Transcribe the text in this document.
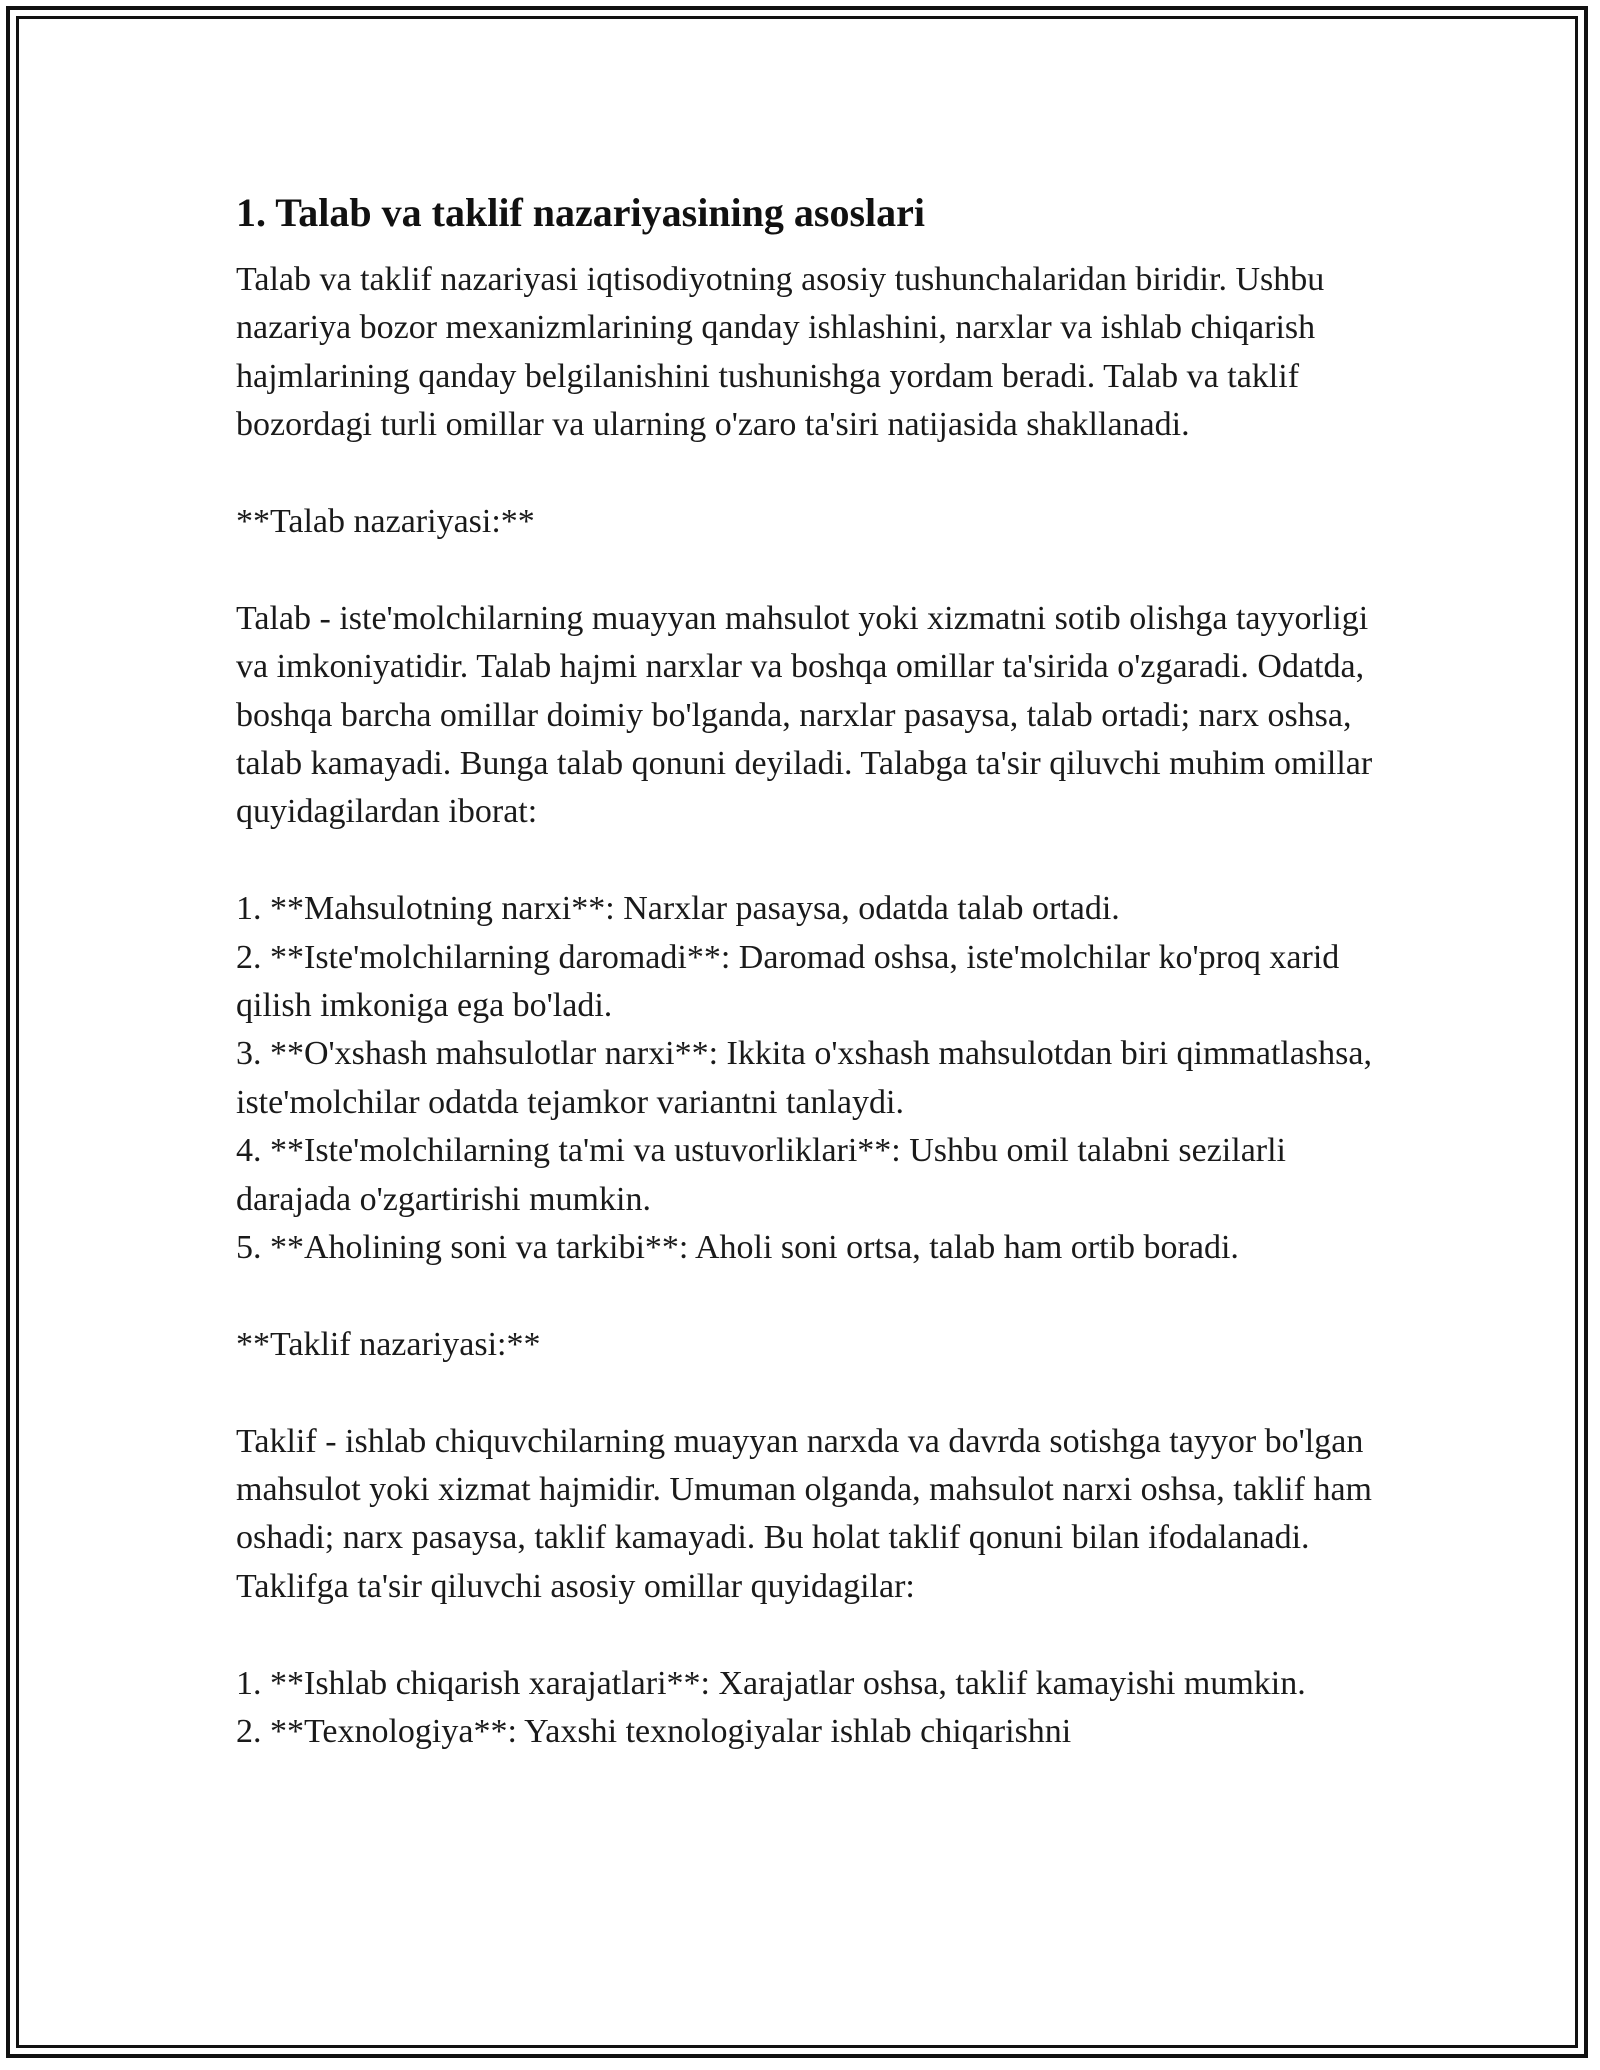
1. Talab va taklif nazariyasining asoslari

Talab va taklif nazariyasi iqtisodiyotning asosiy tushunchalaridan biridir. Ushbu nazariya bozor mexanizmlarining qanday ishlashini, narxlar va ishlab chiqarish hajmlarining qanday belgilanishini tushunishga yordam beradi. Talab va taklif bozordagi turli omillar va ularning o'zaro ta'siri natijasida shakllanadi.

**Talab nazariyasi:**

Talab - iste'molchilarning muayyan mahsulot yoki xizmatni sotib olishga tayyorligi va imkoniyatidir. Talab hajmi narxlar va boshqa omillar ta'sirida o'zgaradi. Odatda, boshqa barcha omillar doimiy bo'lganda, narxlar pasaysa, talab ortadi; narx oshsa, talab kamayadi. Bunga talab qonuni deyiladi. Talabga ta'sir qiluvchi muhim omillar quyidagilardan iborat:

1. **Mahsulotning narxi**: Narxlar pasaysa, odatda talab ortadi.

2. **Iste'molchilarning daromadi**: Daromad oshsa, iste'molchilar ko'proq xarid qilish imkoniga ega bo'ladi.

3. **O'xshash mahsulotlar narxi**: Ikkita o'xshash mahsulotdan biri qimmatlashsa, iste'molchilar odatda tejamkor variantni tanlaydi.

4. **Iste'molchilarning ta'mi va ustuvorliklari**: Ushbu omil talabni sezilarli darajada o'zgartirishi mumkin.

5. **Aholining soni va tarkibi**: Aholi soni ortsa, talab ham ortib boradi.

**Taklif nazariyasi:**

Taklif - ishlab chiquvchilarning muayyan narxda va davrda sotishga tayyor bo'lgan mahsulot yoki xizmat hajmidir. Umuman olganda, mahsulot narxi oshsa, taklif ham oshadi; narx pasaysa, taklif kamayadi. Bu holat taklif qonuni bilan ifodalanadi. Taklifga ta'sir qiluvchi asosiy omillar quyidagilar:

1. **Ishlab chiqarish xarajatlari**: Xarajatlar oshsa, taklif kamayishi mumkin.

2. **Texnologiya**: Yaxshi texnologiyalar ishlab chiqarishni
